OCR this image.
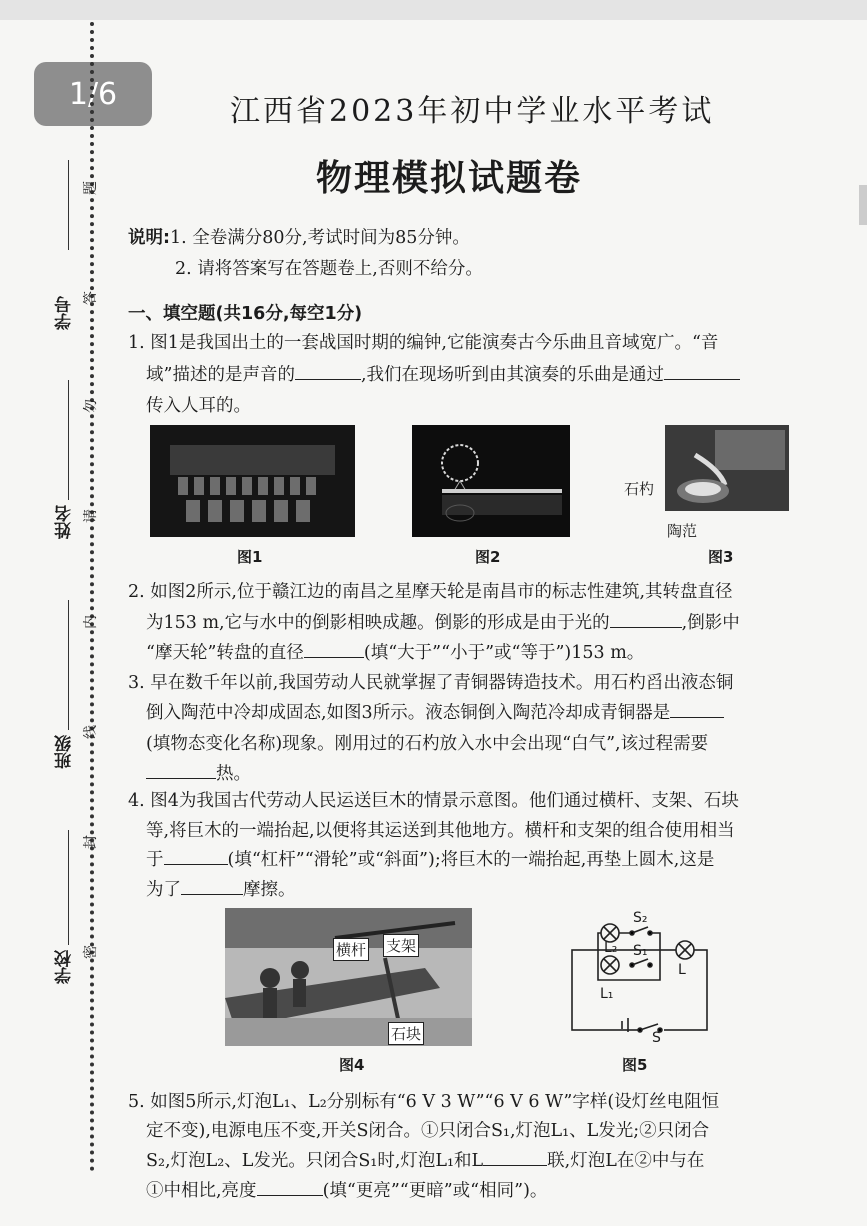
1/6
学号
姓名
班级
学校
题
答
勿
请
内
线
封
密
江西省2023年初中学业水平考试
物理模拟试题卷
说明:1. 全卷满分80分,考试时间为85分钟。
2. 请将答案写在答题卷上,否则不给分。
一、填空题(共16分,每空1分)
1. 图1是我国出土的一套战国时期的编钟,它能演奏古今乐曲且音域宽广。“音
域”描述的是声音的	,我们在现场听到由其演奏的乐曲是通过
传入人耳的。
石杓
陶范
图1	图2	图3
2. 如图2所示,位于赣江边的南昌之星摩天轮是南昌市的标志性建筑,其转盘直径
为153 m,它与水中的倒影相映成趣。倒影的形成是由于光的	,倒影中
“摩天轮”转盘的直径	(填“大于”“小于”或“等于”)153 m。
3. 早在数千年以前,我国劳动人民就掌握了青铜器铸造技术。用石杓舀出液态铜
倒入陶范中冷却成固态,如图3所示。液态铜倒入陶范冷却成青铜器是
(填物态变化名称)现象。刚用过的石杓放入水中会出现“白气”,该过程需要
热。
4. 图4为我国古代劳动人民运送巨木的情景示意图。他们通过横杆、支架、石块
等,将巨木的一端抬起,以便将其运送到其他地方。横杆和支架的组合使用相当
于	(填“杠杆”“滑轮”或“斜面”);将巨木的一端抬起,再垫上圆木,这是
为了	摩擦。
横杆 支架
石块
图4
S₂
S₁
L₂
L₁
L
S
图5
5. 如图5所示,灯泡L₁、L₂分别标有“6 V 3 W”“6 V 6 W”字样(设灯丝电阻恒
定不变),电源电压不变,开关S闭合。①只闭合S₁,灯泡L₁、L发光;②只闭合
S₂,灯泡L₂、L发光。只闭合S₁时,灯泡L₁和L	联,灯泡L在②中与在
①中相比,亮度	(填“更亮”“更暗”或“相同”)。
